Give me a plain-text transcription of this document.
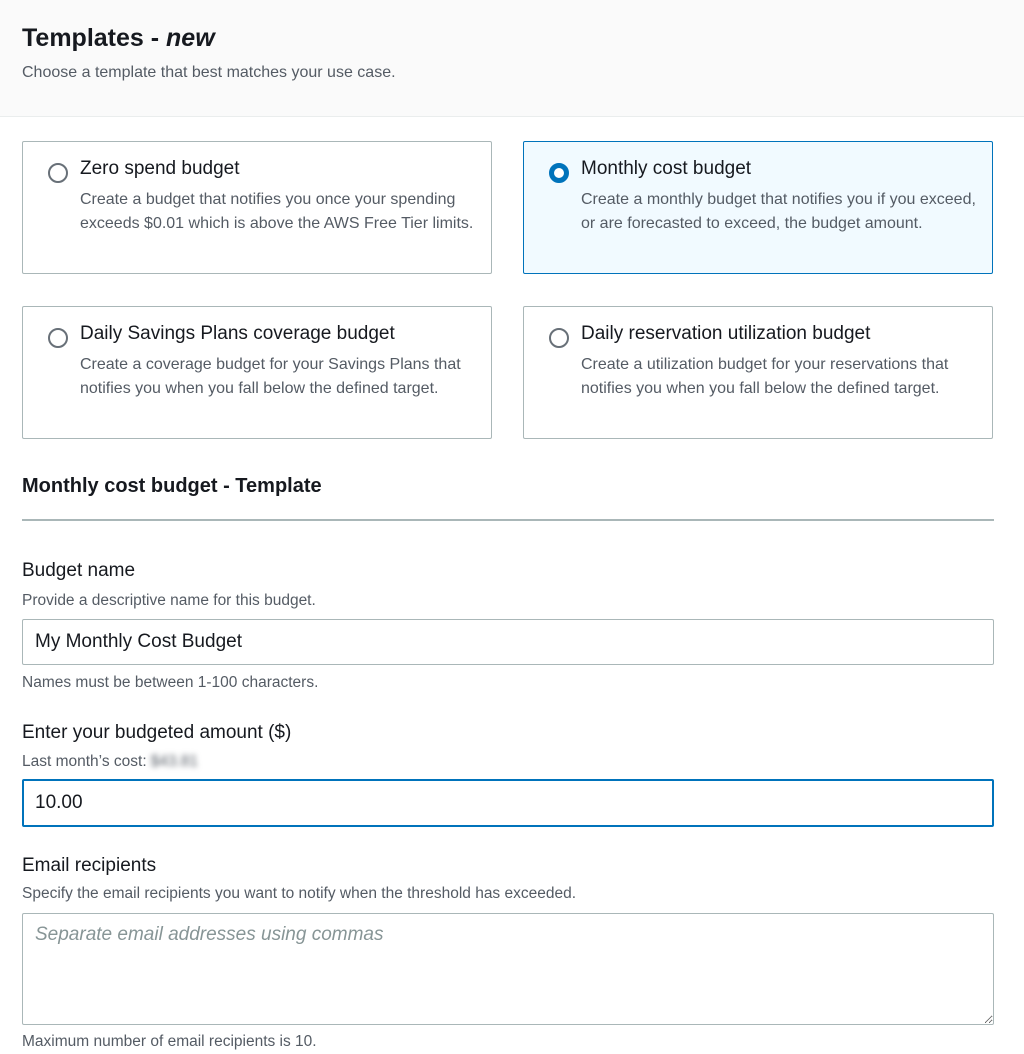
Templates - new
Choose a template that best matches your use case.
Zero spend budget
Create a budget that notifies you once your spending exceeds $0.01 which is above the AWS Free Tier limits.
Monthly cost budget
Create a monthly budget that notifies you if you exceed, or are forecasted to exceed, the budget amount.
Daily Savings Plans coverage budget
Create a coverage budget for your Savings Plans that notifies you when you fall below the defined target.
Daily reservation utilization budget
Create a utilization budget for your reservations that notifies you when you fall below the defined target.
Monthly cost budget - Template
Budget name
Provide a descriptive name for this budget.
My Monthly Cost Budget
Names must be between 1-100 characters.
Enter your budgeted amount ($)
Last month’s cost: $43.81
10.00
Email recipients
Specify the email recipients you want to notify when the threshold has exceeded.
Separate email addresses using commas
Maximum number of email recipients is 10.
